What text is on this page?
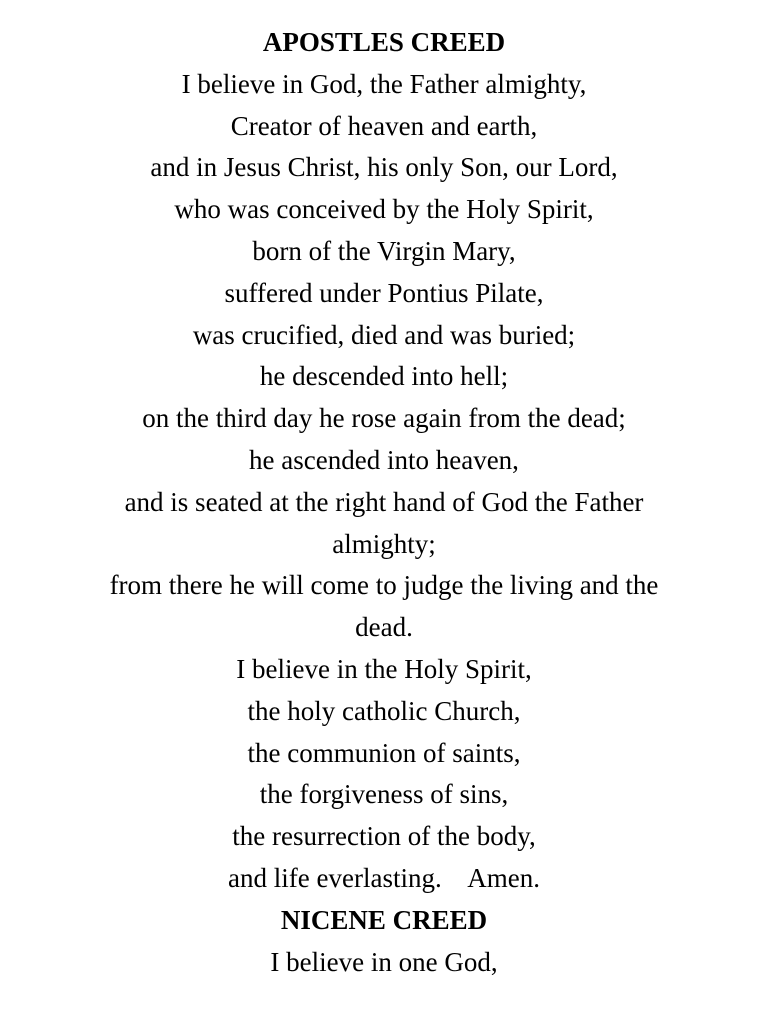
APOSTLES CREED
I believe in God, the Father almighty,
Creator of heaven and earth,
and in Jesus Christ, his only Son, our Lord,
who was conceived by the Holy Spirit,
born of the Virgin Mary,
suffered under Pontius Pilate,
was crucified, died and was buried;
he descended into hell;
on the third day he rose again from the dead;
he ascended into heaven,
and is seated at the right hand of God the Father
almighty;
from there he will come to judge the living and the
dead.
I believe in the Holy Spirit,
the holy catholic Church,
the communion of saints,
the forgiveness of sins,
the resurrection of the body,
and life everlasting.    Amen.
NICENE CREED
I believe in one God,
